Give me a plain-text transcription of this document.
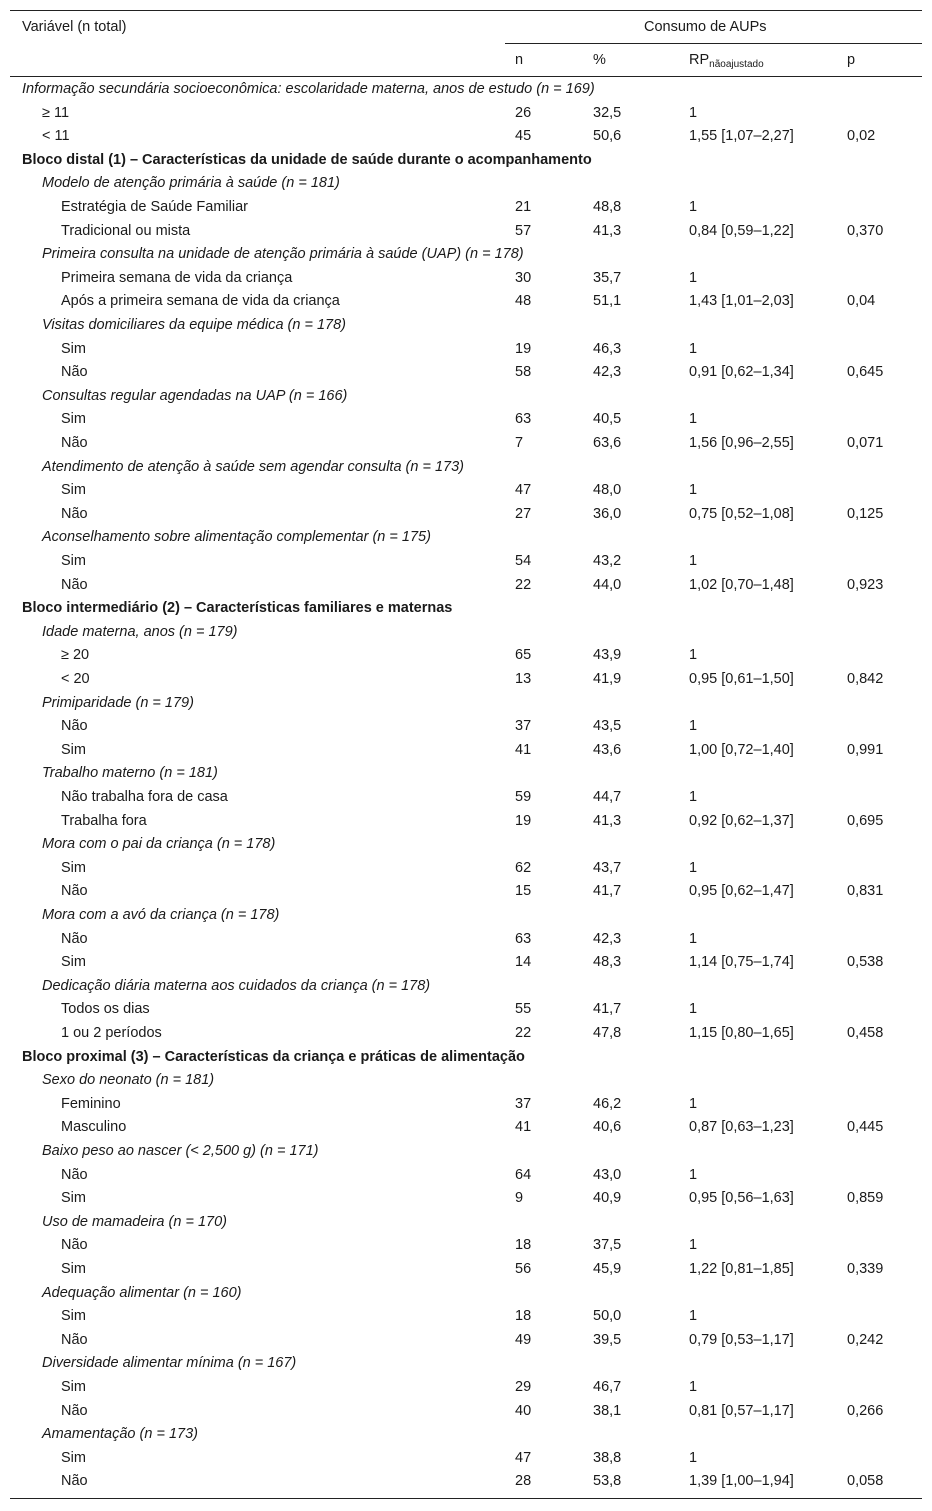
Variável (n total)	Consumo de AUPs
n	%	$RP_{nãoajustado}$	p
Informação secundária socioeconômica: escolaridade materna, anos de estudo (n = 169)
≥ 11	26	32,5	1
< 11	45	50,6	1,55 [1,07–2,27]	0,02
Bloco distal (1) – Características da unidade de saúde durante o acompanhamento
Modelo de atenção primária à saúde (n = 181)
Estratégia de Saúde Familiar	21	48,8	1
Tradicional ou mista	57	41,3	0,84 [0,59–1,22]	0,370
Primeira consulta na unidade de atenção primária à saúde (UAP) (n = 178)
Primeira semana de vida da criança	30	35,7	1
Após a primeira semana de vida da criança	48	51,1	1,43 [1,01–2,03]	0,04
Visitas domiciliares da equipe médica (n = 178)
Sim	19	46,3	1
Não	58	42,3	0,91 [0,62–1,34]	0,645
Consultas regular agendadas na UAP (n = 166)
Sim	63	40,5	1
Não	7	63,6	1,56 [0,96–2,55]	0,071
Atendimento de atenção à saúde sem agendar consulta (n = 173)
Sim	47	48,0	1
Não	27	36,0	0,75 [0,52–1,08]	0,125
Aconselhamento sobre alimentação complementar (n = 175)
Sim	54	43,2	1
Não	22	44,0	1,02 [0,70–1,48]	0,923
Bloco intermediário (2) – Características familiares e maternas
Idade materna, anos (n = 179)
≥ 20	65	43,9	1
< 20	13	41,9	0,95 [0,61–1,50]	0,842
Primiparidade (n = 179)
Não	37	43,5	1
Sim	41	43,6	1,00 [0,72–1,40]	0,991
Trabalho materno (n = 181)
Não trabalha fora de casa	59	44,7	1
Trabalha fora	19	41,3	0,92 [0,62–1,37]	0,695
Mora com o pai da criança (n = 178)
Sim	62	43,7	1
Não	15	41,7	0,95 [0,62–1,47]	0,831
Mora com a avó da criança (n = 178)
Não	63	42,3	1
Sim	14	48,3	1,14 [0,75–1,74]	0,538
Dedicação diária materna aos cuidados da criança (n = 178)
Todos os dias	55	41,7	1
1 ou 2 períodos	22	47,8	1,15 [0,80–1,65]	0,458
Bloco proximal (3) – Características da criança e práticas de alimentação
Sexo do neonato (n = 181)
Feminino	37	46,2	1
Masculino	41	40,6	0,87 [0,63–1,23]	0,445
Baixo peso ao nascer (< 2,500 g) (n = 171)
Não	64	43,0	1
Sim	9	40,9	0,95 [0,56–1,63]	0,859
Uso de mamadeira (n = 170)
Não	18	37,5	1
Sim	56	45,9	1,22 [0,81–1,85]	0,339
Adequação alimentar (n = 160)
Sim	18	50,0	1
Não	49	39,5	0,79 [0,53–1,17]	0,242
Diversidade alimentar mínima (n = 167)
Sim	29	46,7	1
Não	40	38,1	0,81 [0,57–1,17]	0,266
Amamentação (n = 173)
Sim	47	38,8	1
Não	28	53,8	1,39 [1,00–1,94]	0,058
